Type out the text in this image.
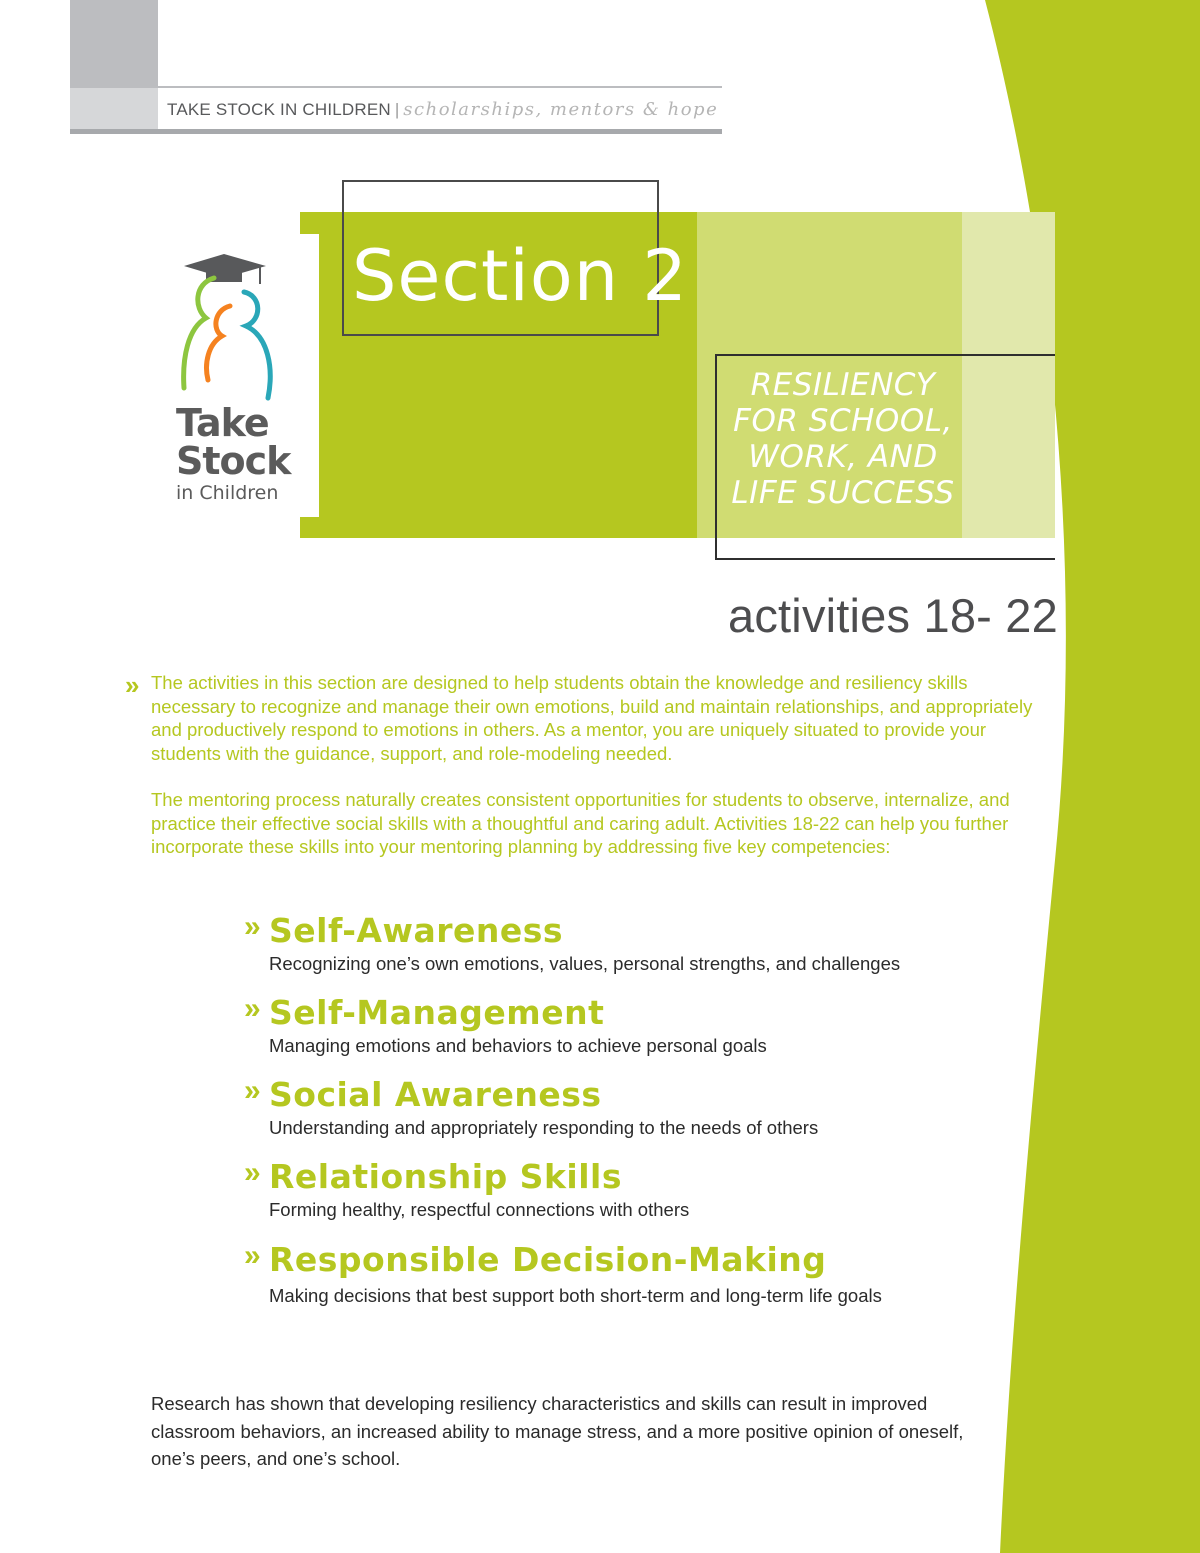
TAKE STOCK IN CHILDREN | scholarships, mentors & hope
Section 2
RESILIENCY
FOR SCHOOL,
WORK, AND
LIFE SUCCESS
Take
Stock
in Children
activities 18- 22
» The activities in this section are designed to help students obtain the knowledge and resiliency skills necessary to recognize and manage their own emotions, build and maintain relationships, and appropriately and productively respond to emotions in others. As a mentor, you are uniquely situated to provide your students with the guidance, support, and role-modeling needed.
The mentoring process naturally creates consistent opportunities for students to observe, internalize, and practice their effective social skills with a thoughtful and caring adult. Activities 18-22 can help you further incorporate these skills into your mentoring planning by addressing five key competencies:
» Self-Awareness
Recognizing one’s own emotions, values, personal strengths, and challenges
» Self-Management
Managing emotions and behaviors to achieve personal goals
» Social Awareness
Understanding and appropriately responding to the needs of others
» Relationship Skills
Forming healthy, respectful connections with others
» Responsible Decision-Making
Making decisions that best support both short-term and long-term life goals
Research has shown that developing resiliency characteristics and skills can result in improved classroom behaviors, an increased ability to manage stress, and a more positive opinion of oneself, one’s peers, and one’s school.
